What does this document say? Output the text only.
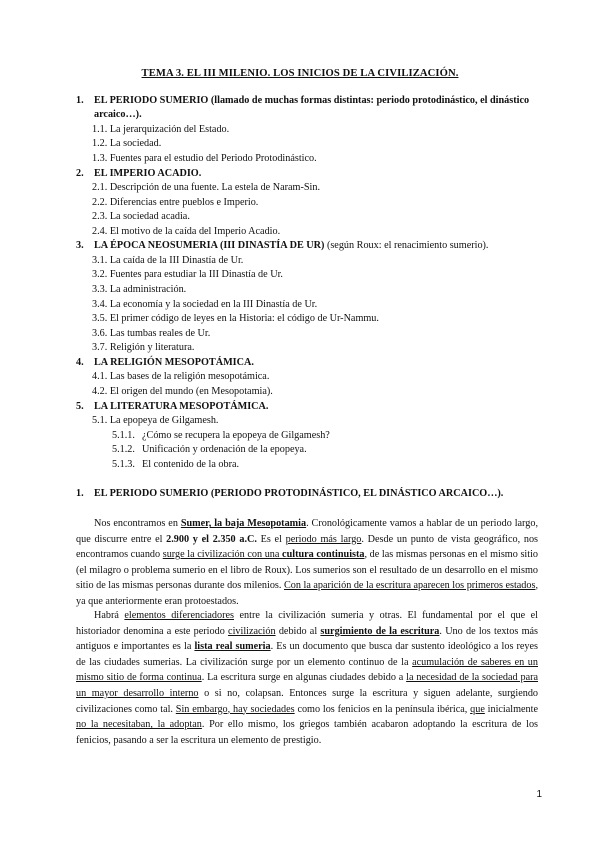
TEMA 3. EL III MILENIO. LOS INICIOS DE LA CIVILIZACIÓN.
1.	EL PERIODO SUMERIO (llamado de muchas formas distintas: periodo protodinástico, el dinástico arcaico…).
1.1. La jerarquización del Estado.
1.2. La sociedad.
1.3. Fuentes para el estudio del Periodo Protodinástico.
2.	EL IMPERIO ACADIO.
2.1. Descripción de una fuente. La estela de Naram-Sin.
2.2. Diferencias entre pueblos e Imperio.
2.3. La sociedad acadia.
2.4. El motivo de la caída del Imperio Acadio.
3.	LA ÉPOCA NEOSUMERIA (III DINASTÍA DE UR) (según Roux: el renacimiento sumerio).
3.1. La caída de la III Dinastía de Ur.
3.2. Fuentes para estudiar la III Dinastía de Ur.
3.3. La administración.
3.4. La economía y la sociedad en la III Dinastía de Ur.
3.5. El primer código de leyes en la Historia: el código de Ur-Nammu.
3.6. Las tumbas reales de Ur.
3.7. Religión y literatura.
4.	LA RELIGIÓN MESOPOTÁMICA.
4.1. Las bases de la religión mesopotámica.
4.2. El origen del mundo (en Mesopotamia).
5.	LA LITERATURA MESOPOTÁMICA.
5.1. La epopeya de Gilgamesh.
5.1.1. ¿Cómo se recupera la epopeya de Gilgamesh?
5.1.2. Unificación y ordenación de la epopeya.
5.1.3. El contenido de la obra.
1.	EL PERIODO SUMERIO (PERIODO PROTODINÁSTICO, EL DINÁSTICO ARCAICO…).
Nos encontramos en Sumer, la baja Mesopotamia. Cronológicamente vamos a hablar de un periodo largo, que discurre entre el 2.900 y el 2.350 a.C. Es el periodo más largo. Desde un punto de vista geográfico, nos encontramos cuando surge la civilización con una cultura continuista, de las mismas personas en el mismo sitio (el milagro o problema sumerio en el libro de Roux). Los sumerios son el resultado de un desarrollo en el mismo sitio de las mismas personas durante dos milenios. Con la aparición de la escritura aparecen los primeros estados, ya que anteriormente eran protoestados.
Habrá elementos diferenciadores entre la civilización sumeria y otras. El fundamental por el que el historiador denomina a este periodo civilización debido al surgimiento de la escritura. Uno de los textos más antiguos e importantes es la lista real sumeria. Es un documento que busca dar sustento ideológico a los reyes de las ciudades sumerias. La civilización surge por un elemento continuo de la acumulación de saberes en un mismo sitio de forma continua. La escritura surge en algunas ciudades debido a la necesidad de la sociedad para un mayor desarrollo interno o si no, colapsan. Entonces surge la escritura y siguen adelante, surgiendo civilizaciones como tal. Sin embargo, hay sociedades como los fenicios en la península ibérica, que inicialmente no la necesitaban, la adoptan. Por ello mismo, los griegos también acabaron adoptando la escritura de los fenicios, pasando a ser la escritura un elemento de prestigio.
1
